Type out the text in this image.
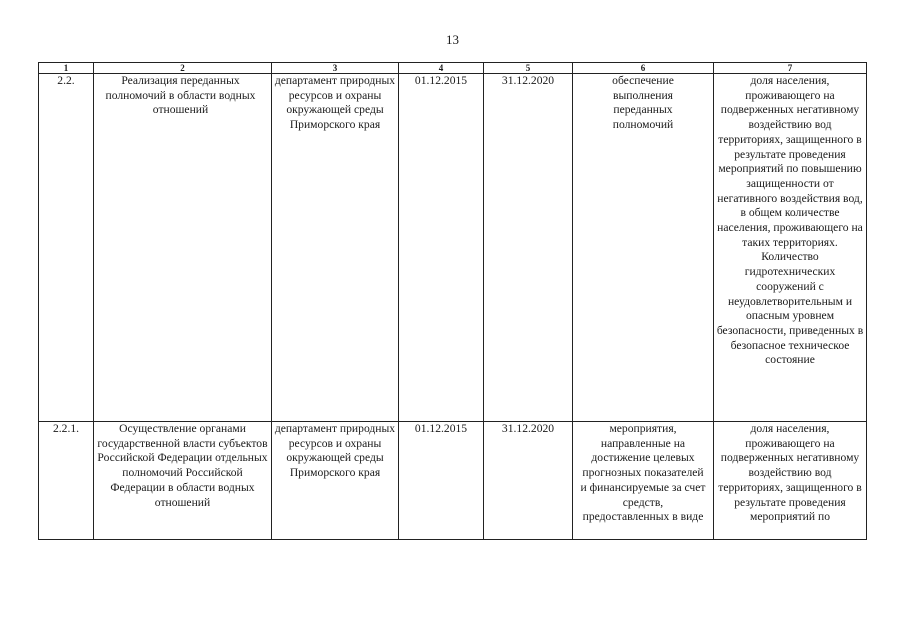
13
1	2	3	4	5	6	7

2.2.	Реализация переданных полномочий в области водных отношений	департамент природных ресурсов и охраны окружающей среды Приморского края	01.12.2015	31.12.2020	обеспечение выполнения переданных полномочий	доля населения, проживающего на подверженных негативному воздействию вод территориях, защищенного в результате проведения мероприятий по повышению защищенности от негативного воздействия вод, в общем количестве населения, проживающего на таких территориях. Количество гидротехнических сооружений с неудовлетворительным и опасным уровнем безопасности, приведенных в безопасное техническое состояние

2.2.1.	Осуществление органами государственной власти субъектов Российской Федерации отдельных полномочий Российской Федерации в области водных отношений	департамент природных ресурсов и охраны окружающей среды Приморского края	01.12.2015	31.12.2020	мероприятия, направленные на достижение целевых прогнозных показателей и финансируемые за счет средств, предоставленных в виде	доля населения, проживающего на подверженных негативному воздействию вод территориях, защищенного в результате проведения мероприятий по
